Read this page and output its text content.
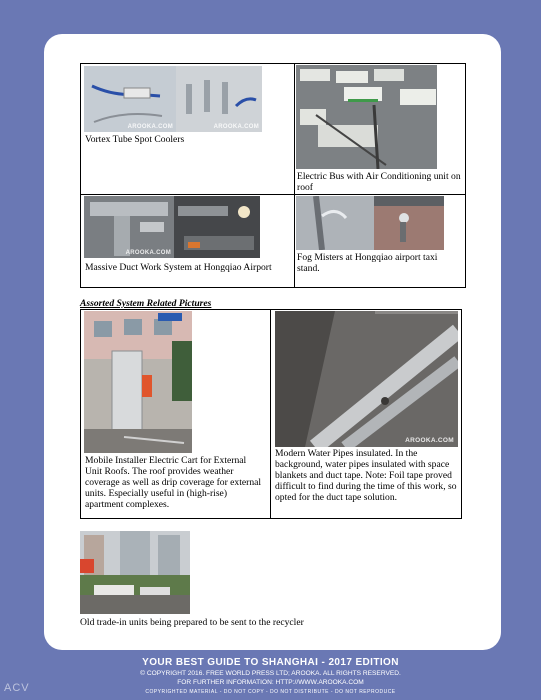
AROOKA.COM	AROOKA.COM
Vortex Tube Spot Coolers
Electric Bus with Air Conditioning unit on roof
AROOKA.COM
Massive Duct Work System at Hongqiao Airport
Fog Misters at Hongqiao airport taxi stand.
Assorted System Related Pictures
Mobile Installer Electric Cart for External Unit Roofs. The roof provides weather coverage as well as drip coverage for external units. Especially useful in (high-rise) apartment complexes.
AROOKA.COM
Modern Water Pipes insulated. In the background, water pipes insulated with space blankets and duct tape. Note: Foil tape proved difficult to find during the time of this work, so opted for the duct tape solution.
Old trade-in units being prepared to be sent to the recycler
YOUR BEST GUIDE TO SHANGHAI - 2017 EDITION
© COPYRIGHT 2016. FREE WORLD PRESS LTD; AROOKA. ALL RIGHTS RESERVED.
FOR FURTHER INFORMATION: HTTP://WWW.AROOKA.COM
COPYRIGHTED MATERIAL - DO NOT COPY - DO NOT DISTRIBUTE - DO NOT REPRODUCE
ACV
